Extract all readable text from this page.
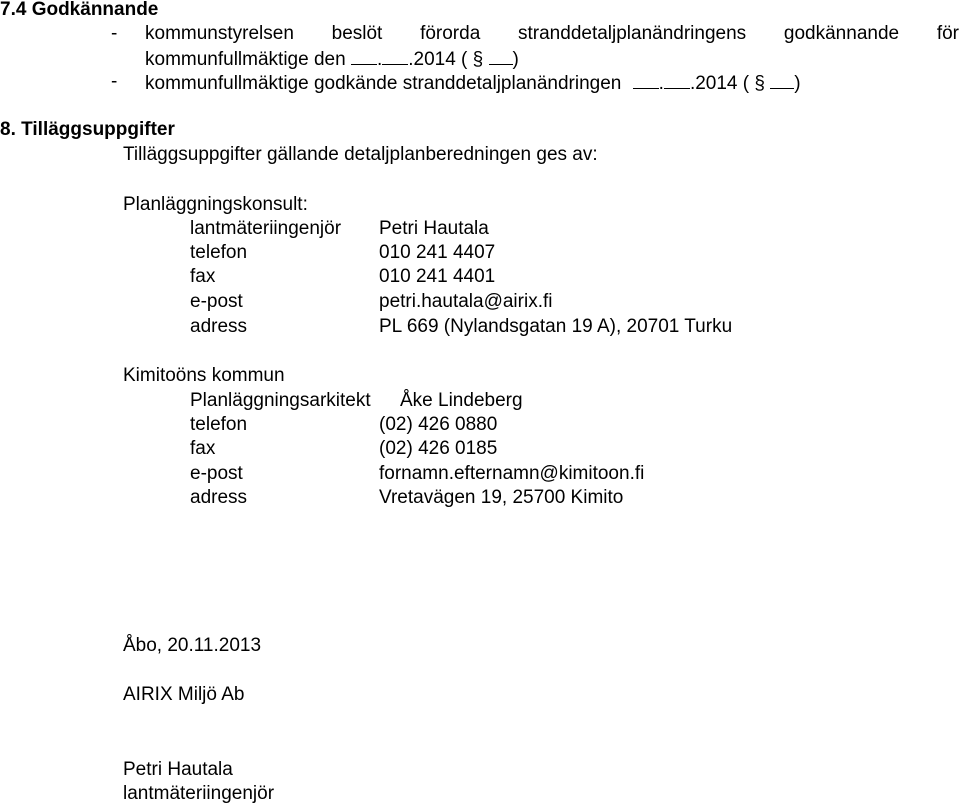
7.4 Godkännande
- kommunstyrelsen beslöt förorda stranddetaljplanändringens godkännande för
kommunfullmäktige den . .2014 ( § )
- kommunfullmäktige godkände stranddetaljplanändringen . .2014 ( § )
8. Tilläggsuppgifter
Tilläggsuppgifter gällande detaljplanberedningen ges av:
Planläggningskonsult:
lantmäteriingenjör Petri Hautala
telefon	010 241 4407
fax	010 241 4401
e-post	petri.hautala@airix.fi
adress	PL 669 (Nylandsgatan 19 A), 20701 Turku
Kimitoöns kommun
Planläggningsarkitekt Åke Lindeberg
telefon	(02) 426 0880
fax	(02) 426 0185
e-post	fornamn.efternamn@kimitoon.fi
adress	Vretavägen 19, 25700 Kimito
Åbo, 20.11.2013
AIRIX Miljö Ab
Petri Hautala
lantmäteriingenjör
